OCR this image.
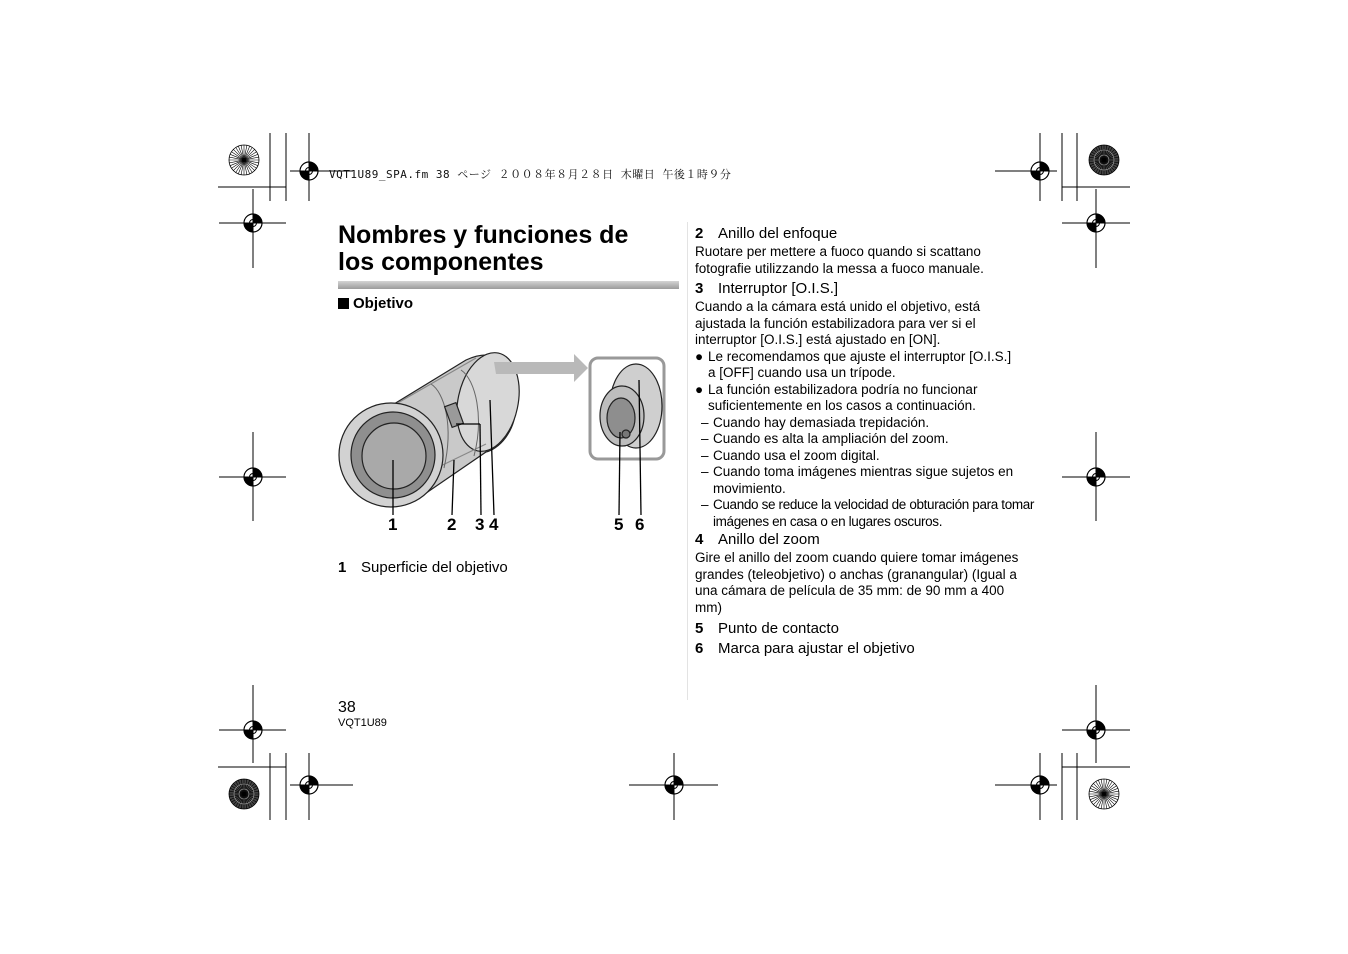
VQT1U89_SPA.fm 38 ページ ２００８年８月２８日 木曜日 午後１時９分
Nombres y funciones de los componentes
Objetivo
1	2 3 4	5 6
1 Superficie del objetivo

2 Anillo del enfoque

Ruotare per mettere a fuoco quando si scattano fotografie utilizzando la messa a fuoco manuale.

3 Interruptor [O.I.S.]

Cuando a la cámara está unido el objetivo, está ajustada la función estabilizadora para ver si el interruptor [O.I.S.] está ajustado en [ON].

● Le recomendamos que ajuste el interruptor [O.I.S.] a [OFF] cuando usa un trípode.

● La función estabilizadora podría no funcionar suficientemente en los casos a continuación.

– Cuando hay demasiada trepidación.

– Cuando es alta la ampliación del zoom.

– Cuando usa el zoom digital.

– Cuando toma imágenes mientras sigue sujetos en movimiento.

– Cuando se reduce la velocidad de obturación para tomar imágenes en casa o en lugares oscuros.

4 Anillo del zoom

Gire el anillo del zoom cuando quiere tomar imágenes grandes (teleobjetivo) o anchas (granangular) (Igual a una cámara de película de 35 mm: de 90 mm a 400 mm)

5 Punto de contacto

6 Marca para ajustar el objetivo

38
VQT1U89
